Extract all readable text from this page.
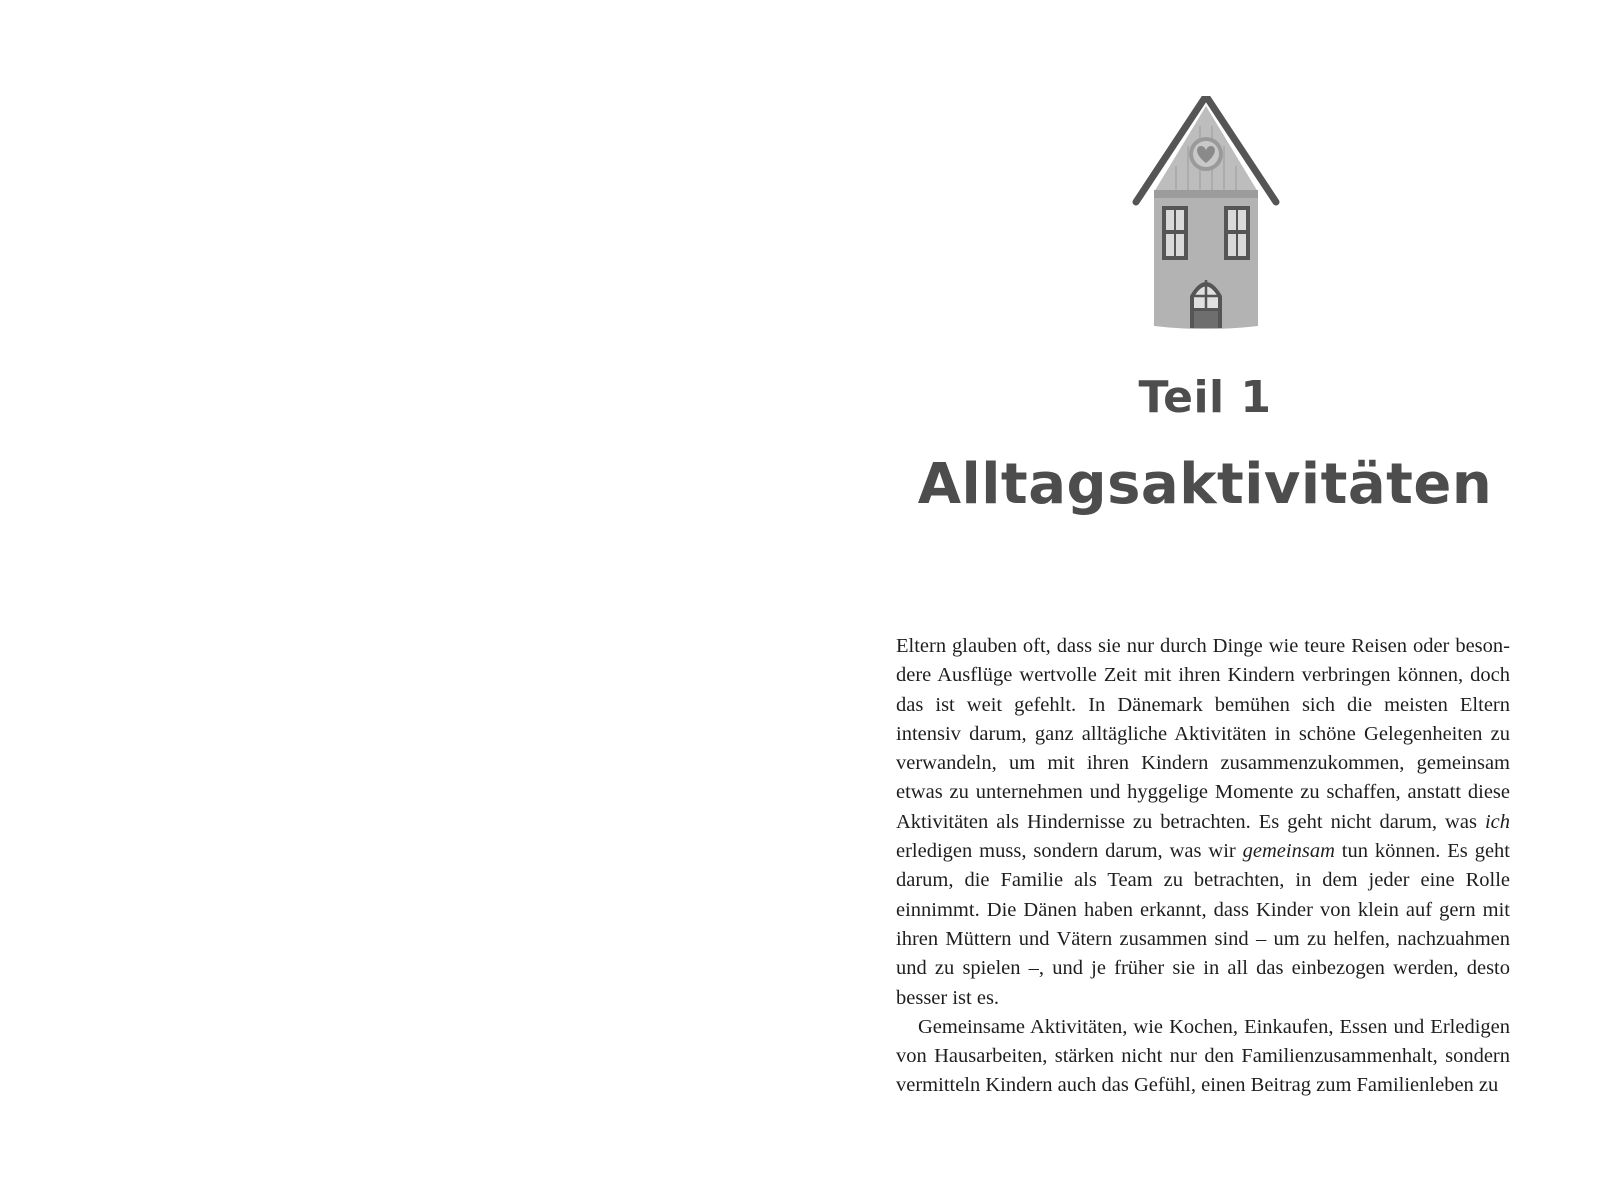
Teil 1
Alltagsaktivitäten

Eltern glauben oft, dass sie nur durch Dinge wie teure Reisen oder besondere Ausflüge wertvolle Zeit mit ihren Kindern verbringen können, doch das ist weit gefehlt. In Dänemark bemühen sich die meisten Eltern intensiv darum, ganz alltägliche Aktivitäten in schöne Gelegenheiten zu verwandeln, um mit ihren Kindern zusammenzukommen, gemeinsam etwas zu unternehmen und hyggelige Momente zu schaffen, anstatt diese Aktivitäten als Hindernisse zu betrachten. Es geht nicht darum, was ich erledigen muss, sondern darum, was wir gemeinsam tun können. Es geht darum, die Familie als Team zu betrachten, in dem jeder eine Rolle einnimmt. Die Dänen haben erkannt, dass Kinder von klein auf gern mit ihren Müttern und Vätern zusammen sind – um zu helfen, nachzuahmen und zu spielen –, und je früher sie in all das einbezogen werden, desto besser ist es.

Gemeinsame Aktivitäten, wie Kochen, Einkaufen, Essen und Erledigen von Hausarbeiten, stärken nicht nur den Familienzusammenhalt, sondern vermitteln Kindern auch das Gefühl, einen Beitrag zum Familienleben zu
